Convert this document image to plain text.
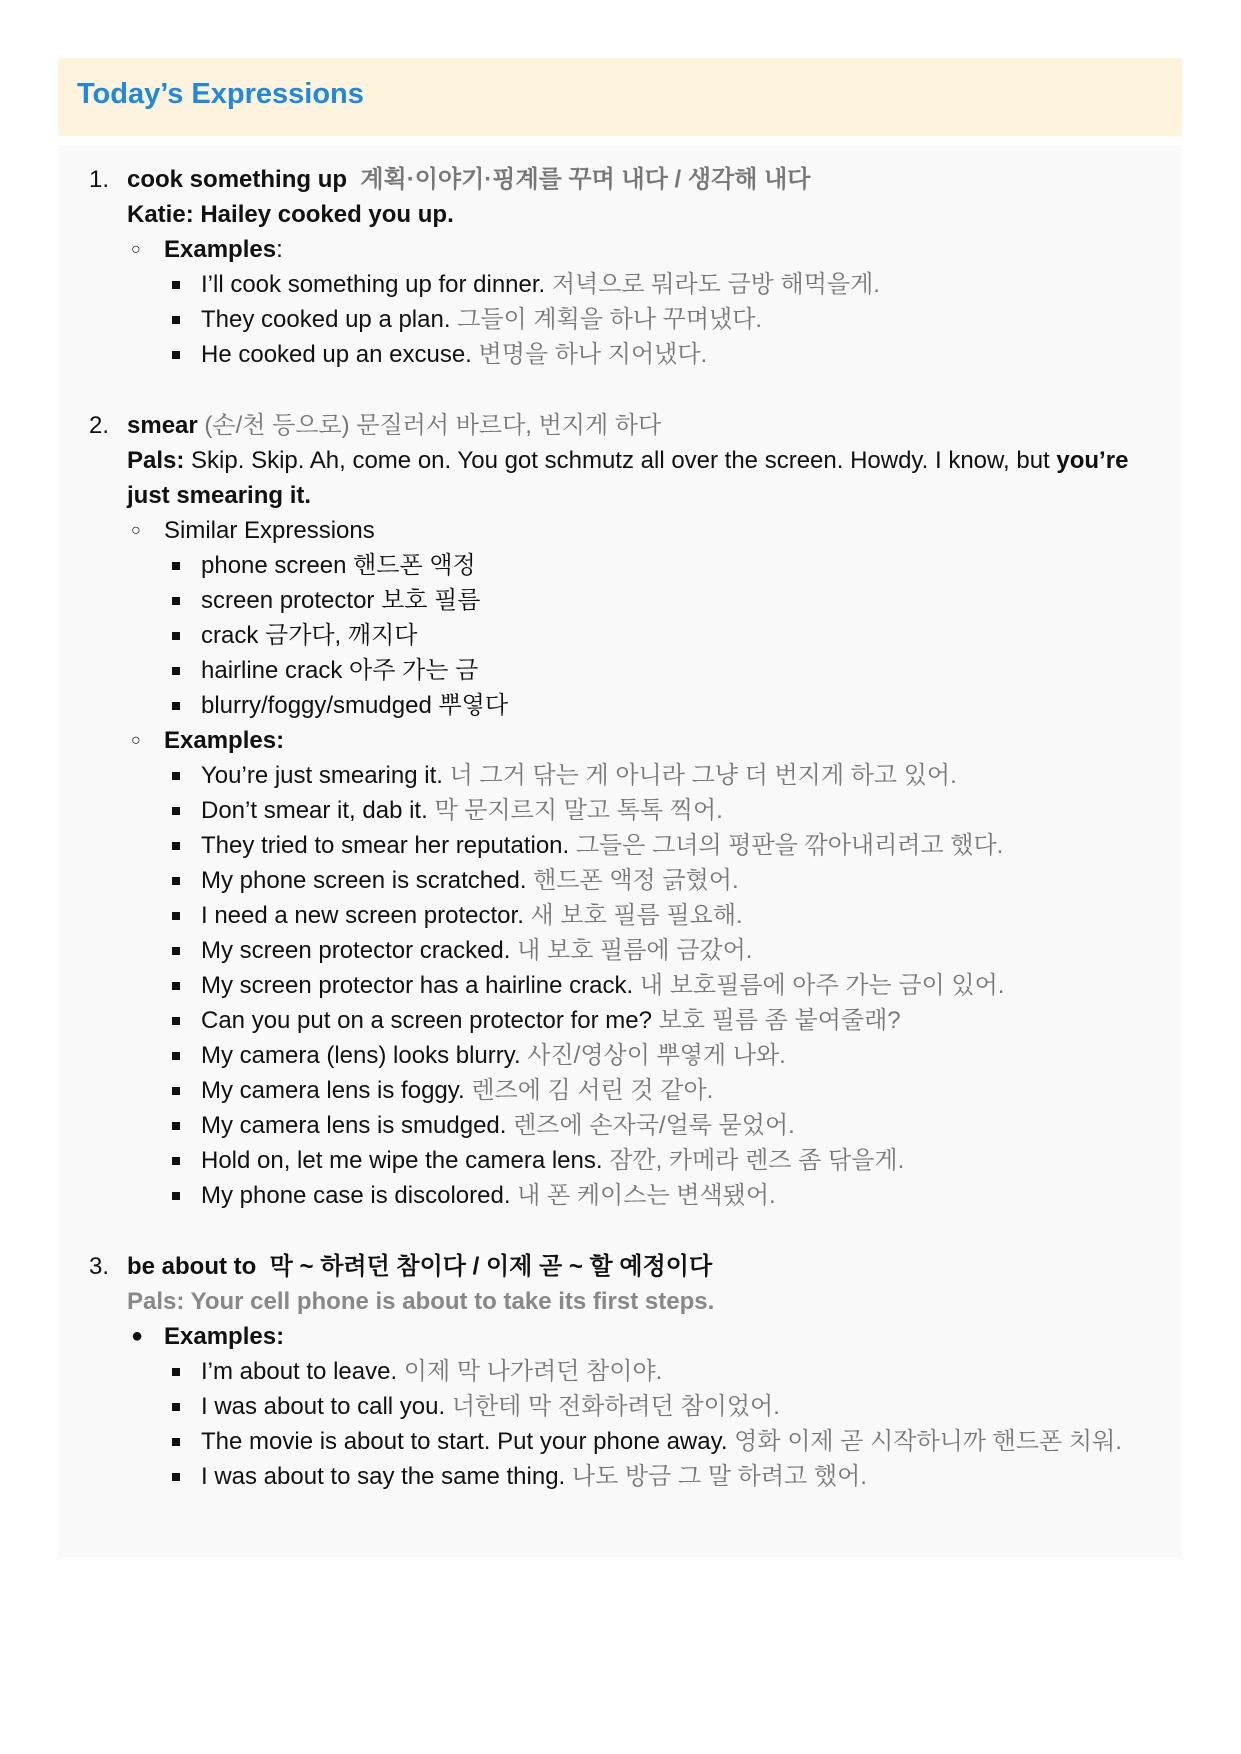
Today’s Expressions
1. cook something up 계획·이야기·핑계를 꾸며 내다 / 생각해 내다
Katie: Hailey cooked you up.
○ Examples:
I’ll cook something up for dinner. 저녁으로 뭐라도 금방 해먹을게.
They cooked up a plan. 그들이 계획을 하나 꾸며냈다.
He cooked up an excuse. 변명을 하나 지어냈다.
2. smear (손/천 등으로) 문질러서 바르다, 번지게 하다
Pals: Skip. Skip. Ah, come on. You got schmutz all over the screen. Howdy. I know, but you’re just smearing it.
○ Similar Expressions
phone screen 핸드폰 액정
screen protector 보호 필름
crack 금가다, 깨지다
hairline crack 아주 가는 금
blurry/foggy/smudged 뿌옇다
○ Examples:
You’re just smearing it. 너 그거 닦는 게 아니라 그냥 더 번지게 하고 있어.
Don’t smear it, dab it. 막 문지르지 말고 톡톡 찍어.
They tried to smear her reputation. 그들은 그녀의 평판을 깎아내리려고 했다.
My phone screen is scratched. 핸드폰 액정 긁혔어.
I need a new screen protector. 새 보호 필름 필요해.
My screen protector cracked. 내 보호 필름에 금갔어.
My screen protector has a hairline crack. 내 보호필름에 아주 가는 금이 있어.
Can you put on a screen protector for me? 보호 필름 좀 붙여줄래?
My camera (lens) looks blurry. 사진/영상이 뿌옇게 나와.
My camera lens is foggy. 렌즈에 김 서린 것 같아.
My camera lens is smudged. 렌즈에 손자국/얼룩 묻었어.
Hold on, let me wipe the camera lens. 잠깐, 카메라 렌즈 좀 닦을게.
My phone case is discolored. 내 폰 케이스는 변색됐어.
3. be about to 막 ~ 하려던 참이다 / 이제 곧 ~ 할 예정이다
Pals: Your cell phone is about to take its first steps.
● Examples:
I’m about to leave. 이제 막 나가려던 참이야.
I was about to call you. 너한테 막 전화하려던 참이었어.
The movie is about to start. Put your phone away. 영화 이제 곧 시작하니까 핸드폰 치워.
I was about to say the same thing. 나도 방금 그 말 하려고 했어.
